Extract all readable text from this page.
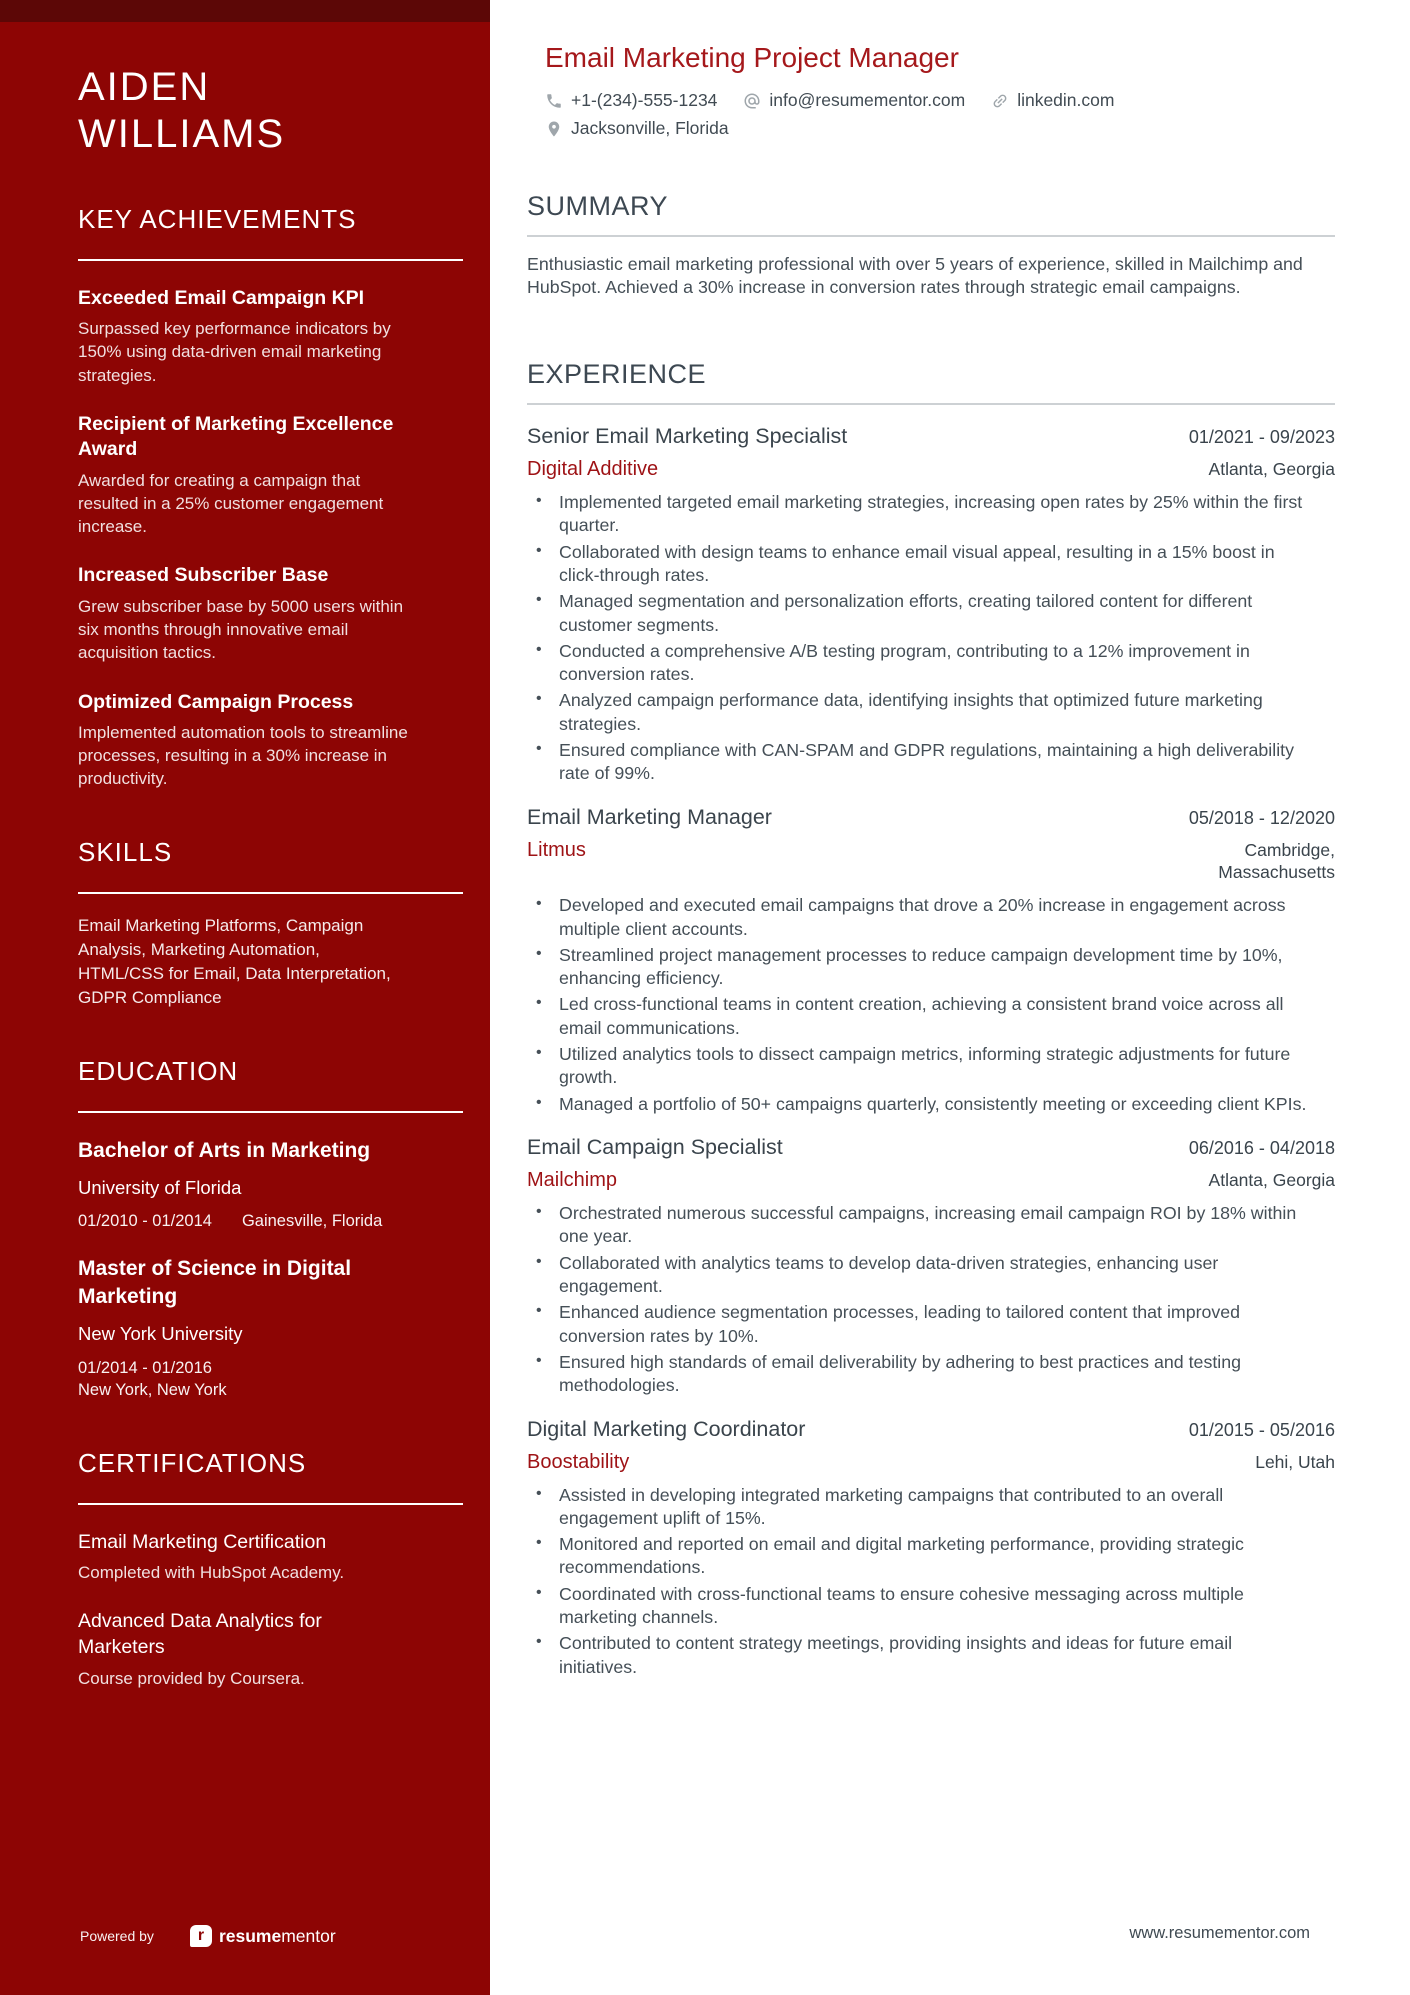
AIDEN
WILLIAMS
KEY ACHIEVEMENTS
Exceeded Email Campaign KPI

Surpassed key performance indicators by 150% using data-driven email marketing strategies.

Recipient of Marketing Excellence Award

Awarded for creating a campaign that resulted in a 25% customer engagement increase.

Increased Subscriber Base

Grew subscriber base by 5000 users within six months through innovative email acquisition tactics.

Optimized Campaign Process

Implemented automation tools to streamline processes, resulting in a 30% increase in productivity.

SKILLS

Email Marketing Platforms, Campaign Analysis, Marketing Automation, HTML/CSS for Email, Data Interpretation, GDPR Compliance

EDUCATION
Bachelor of Arts in Marketing
University of Florida
01/2010 - 01/2014 Gainesville, Florida
Master of Science in Digital Marketing
New York University
01/2014 - 01/2016
New York, New York
CERTIFICATIONS
Email Marketing Certification

Completed with HubSpot Academy.

Advanced Data Analytics for Marketers

Course provided by Coursera.

Powered by	r resumementor
Email Marketing Project Manager
+1-(234)-555-1234	info@resumementor.com	linkedin.com
Jacksonville, Florida
SUMMARY

Enthusiastic email marketing professional with over 5 years of experience, skilled in Mailchimp and HubSpot. Achieved a 30% increase in conversion rates through strategic email campaigns.

EXPERIENCE
Senior Email Marketing Specialist	01/2021 - 09/2023
Digital Additive	Atlanta, Georgia
• Implemented targeted email marketing strategies, increasing open rates by 25% within the first quarter.
• Collaborated with design teams to enhance email visual appeal, resulting in a 15% boost in click-through rates.
• Managed segmentation and personalization efforts, creating tailored content for different customer segments.
• Conducted a comprehensive A/B testing program, contributing to a 12% improvement in conversion rates.
• Analyzed campaign performance data, identifying insights that optimized future marketing strategies.
• Ensured compliance with CAN-SPAM and GDPR regulations, maintaining a high deliverability rate of 99%.
Email Marketing Manager	05/2018 - 12/2020
Litmus	Cambridge, Massachusetts
• Developed and executed email campaigns that drove a 20% increase in engagement across multiple client accounts.
• Streamlined project management processes to reduce campaign development time by 10%, enhancing efficiency.
• Led cross-functional teams in content creation, achieving a consistent brand voice across all email communications.
• Utilized analytics tools to dissect campaign metrics, informing strategic adjustments for future growth.
• Managed a portfolio of 50+ campaigns quarterly, consistently meeting or exceeding client KPIs.
Email Campaign Specialist	06/2016 - 04/2018
Mailchimp	Atlanta, Georgia
• Orchestrated numerous successful campaigns, increasing email campaign ROI by 18% within one year.
• Collaborated with analytics teams to develop data-driven strategies, enhancing user engagement.
• Enhanced audience segmentation processes, leading to tailored content that improved conversion rates by 10%.
• Ensured high standards of email deliverability by adhering to best practices and testing methodologies.
Digital Marketing Coordinator	01/2015 - 05/2016
Boostability	Lehi, Utah
• Assisted in developing integrated marketing campaigns that contributed to an overall engagement uplift of 15%.
• Monitored and reported on email and digital marketing performance, providing strategic recommendations.
• Coordinated with cross-functional teams to ensure cohesive messaging across multiple marketing channels.
• Contributed to content strategy meetings, providing insights and ideas for future email initiatives.
www.resumementor.com
